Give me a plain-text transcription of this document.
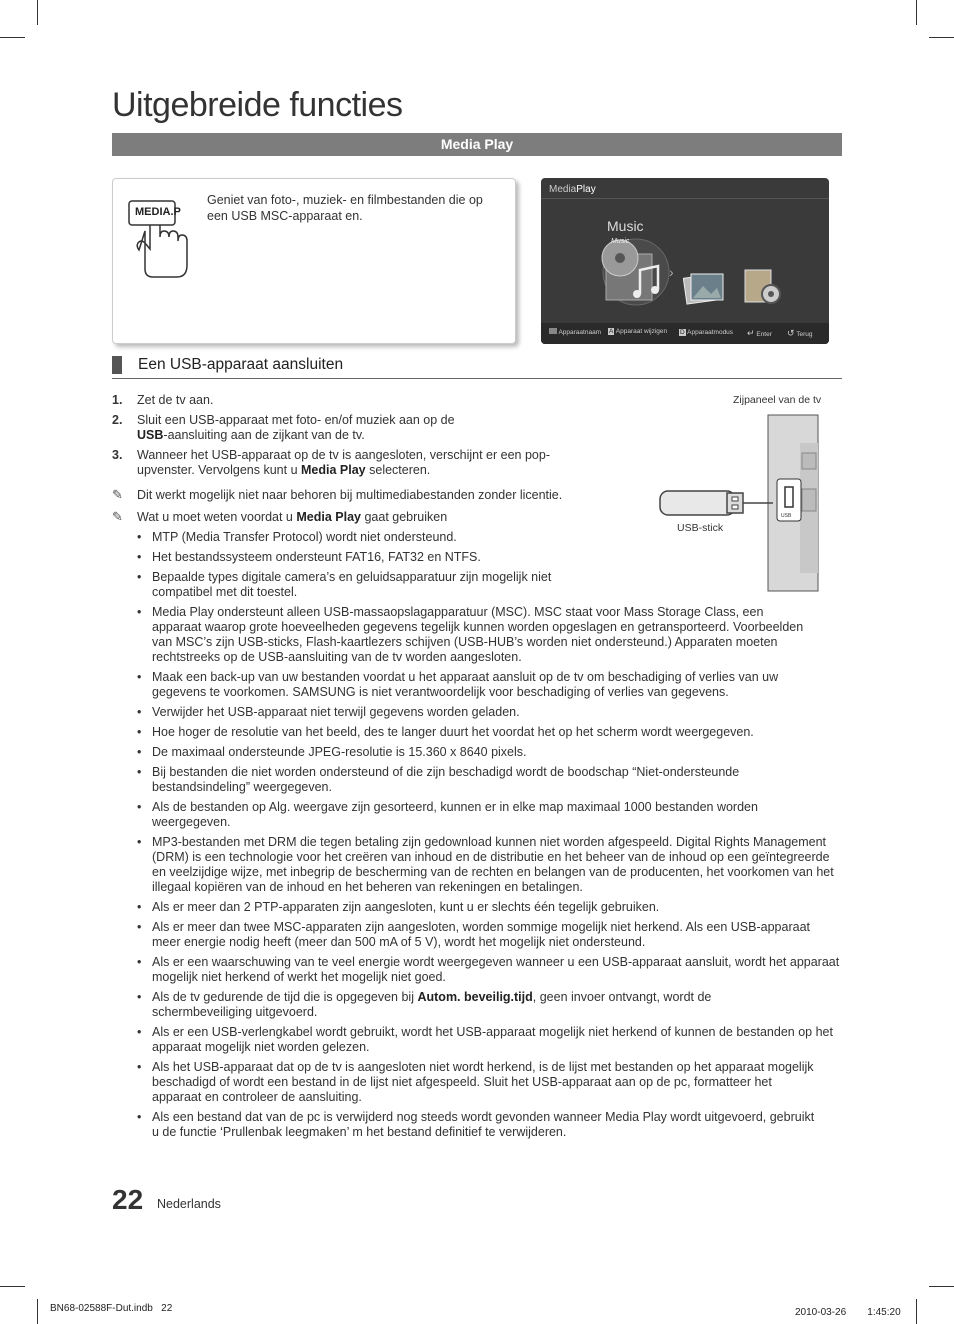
Uitgebreide functies
Media Play
MEDIA.P
Geniet van foto-, muziek- en filmbestanden die op een USB MSC-apparaat en.
MediaPlay
Music
Music
›
Apparaatnaam A Apparaat wijzigen D Apparaatmodus ↵ Enter ↺ Terug
Een USB-apparaat aansluiten
1.	Zet de tv aan.
2.	Sluit een USB-apparaat met foto- en/of muziek aan op de USB-aansluiting aan de zijkant van de tv.
3.	Wanneer het USB-apparaat op de tv is aangesloten, verschijnt er een pop-upvenster. Vervolgens kunt u Media Play selecteren.
✎ Dit werkt mogelijk niet naar behoren bij multimediabestanden zonder licentie.
✎ Wat u moet weten voordat u Media Play gaat gebruiken
Zijpaneel van de tv
USB
USB-stick
• MTP (Media Transfer Protocol) wordt niet ondersteund.
• Het bestandssysteem ondersteunt FAT16, FAT32 en NTFS.
• Bepaalde types digitale camera’s en geluidsapparatuur zijn mogelijk niet compatibel met dit toestel.
• Media Play ondersteunt alleen USB-massaopslagapparatuur (MSC). MSC staat voor Mass Storage Class, een apparaat waarop grote hoeveelheden gegevens tegelijk kunnen worden opgeslagen en getransporteerd. Voorbeelden van MSC’s zijn USB-sticks, Flash-kaartlezers schijven (USB-HUB’s worden niet ondersteund.) Apparaten moeten rechtstreeks op de USB-aansluiting van de tv worden aangesloten.
• Maak een back-up van uw bestanden voordat u het apparaat aansluit op de tv om beschadiging of verlies van uw gegevens te voorkomen. SAMSUNG is niet verantwoordelijk voor beschadiging of verlies van gegevens.
• Verwijder het USB-apparaat niet terwijl gegevens worden geladen.
• Hoe hoger de resolutie van het beeld, des te langer duurt het voordat het op het scherm wordt weergegeven.
• De maximaal ondersteunde JPEG-resolutie is 15.360 x 8640 pixels.
• Bij bestanden die niet worden ondersteund of die zijn beschadigd wordt de boodschap “Niet-ondersteunde bestandsindeling” weergegeven.
• Als de bestanden op Alg. weergave zijn gesorteerd, kunnen er in elke map maximaal 1000 bestanden worden weergegeven.
• MP3-bestanden met DRM die tegen betaling zijn gedownload kunnen niet worden afgespeeld. Digital Rights Management (DRM) is een technologie voor het creëren van inhoud en de distributie en het beheer van de inhoud op een geïntegreerde en veelzijdige wijze, met inbegrip de bescherming van de rechten en belangen van de producenten, het voorkomen van het illegaal kopiëren van de inhoud en het beheren van rekeningen en betalingen.
• Als er meer dan 2 PTP-apparaten zijn aangesloten, kunt u er slechts één tegelijk gebruiken.
• Als er meer dan twee MSC-apparaten zijn aangesloten, worden sommige mogelijk niet herkend. Als een USB-apparaat meer energie nodig heeft (meer dan 500 mA of 5 V), wordt het mogelijk niet ondersteund.
• Als er een waarschuwing van te veel energie wordt weergegeven wanneer u een USB-apparaat aansluit, wordt het apparaat mogelijk niet herkend of werkt het mogelijk niet goed.
• Als de tv gedurende de tijd die is opgegeven bij Autom. beveilig.tijd, geen invoer ontvangt, wordt de schermbeveiliging uitgevoerd.
• Als er een USB-verlengkabel wordt gebruikt, wordt het USB-apparaat mogelijk niet herkend of kunnen de bestanden op het apparaat mogelijk niet worden gelezen.
• Als het USB-apparaat dat op de tv is aangesloten niet wordt herkend, is de lijst met bestanden op het apparaat mogelijk beschadigd of wordt een bestand in de lijst niet afgespeeld. Sluit het USB-apparaat aan op de pc, formatteer het apparaat en controleer de aansluiting.
• Als een bestand dat van de pc is verwijderd nog steeds wordt gevonden wanneer Media Play wordt uitgevoerd, gebruikt u de functie ‘Prullenbak leegmaken’ m het bestand definitief te verwijderen.
22 Nederlands
BN68-02588F-Dut.indb   22	2010-03-26   　 1:45:20
